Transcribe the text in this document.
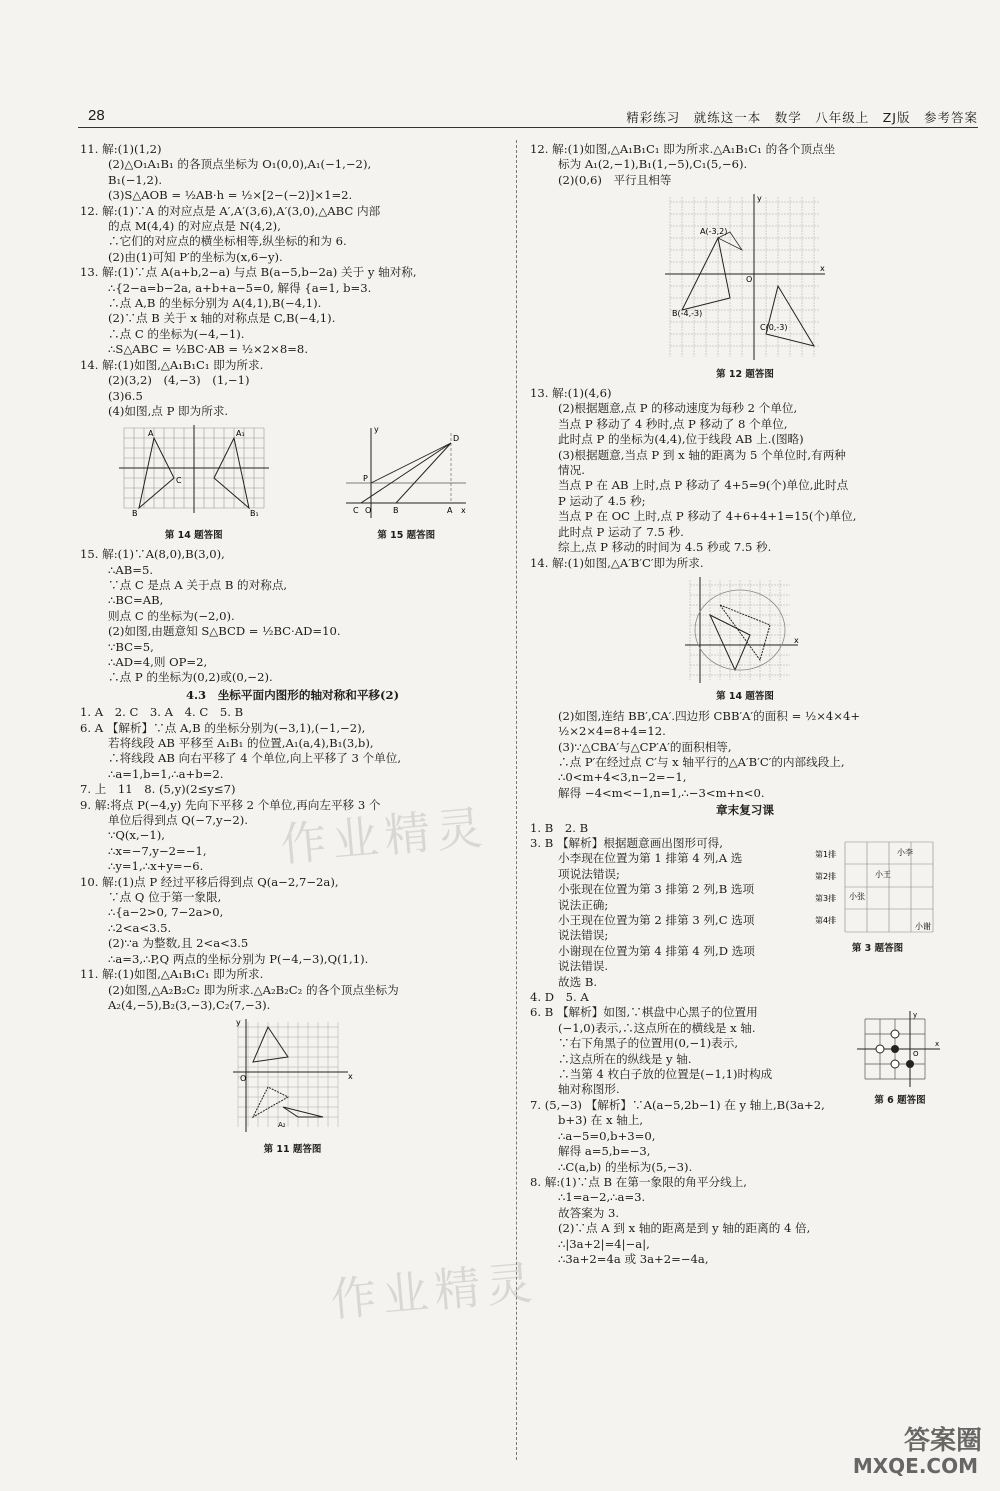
28	精彩练习　就练这一本　数学　八年级上　ZJ版　参考答案
11. 解:(1)(1,2)
(2)△O₁A₁B₁ 的各顶点坐标为 O₁(0,0),A₁(−1,−2),
B₁(−1,2).
(3)S△AOB = ½AB·h = ½×[2−(−2)]×1=2.
12. 解:(1)∵A 的对应点是 A′,A′(3,6),A′(3,0),△ABC 内部
的点 M(4,4) 的对应点是 N(4,2),
∴它们的对应点的横坐标相等,纵坐标的和为 6.
(2)由(1)可知 P′的坐标为(x,6−y).
13. 解:(1)∵点 A(a+b,2−a) 与点 B(a−5,b−2a) 关于 y 轴对称,
∴{2−a=b−2a, a+b+a−5=0, 解得 {a=1, b=3.
∴点 A,B 的坐标分别为 A(4,1),B(−4,1).
(2)∵点 B 关于 x 轴的对称点是 C,B(−4,1).
∴点 C 的坐标为(−4,−1).
∴S△ABC = ½BC·AB = ½×2×8=8.
14. 解:(1)如图,△A₁B₁C₁ 即为所求.
(2)(3,2)　(4,−3)　(1,−1)
(3)6.5
(4)如图,点 P 即为所求.
A
B
C
A₁
B₁
第 14 题答图
D
P
C O	B	A x
y
第 15 题答图
15. 解:(1)∵A(8,0),B(3,0),
∴AB=5.
∵点 C 是点 A 关于点 B 的对称点,
∴BC=AB,
则点 C 的坐标为(−2,0).
(2)如图,由题意知 S△BCD = ½BC·AD=10.
∵BC=5,
∴AD=4,则 OP=2,
∴点 P 的坐标为(0,2)或(0,−2).
4.3　坐标平面内图形的轴对称和平移(2)
1. A　2. C　3. A　4. C　5. B
6. A 【解析】∵点 A,B 的坐标分别为(−3,1),(−1,−2),
若将线段 AB 平移至 A₁B₁ 的位置,A₁(a,4),B₁(3,b),
∴将线段 AB 向右平移了 4 个单位,向上平移了 3 个单位,
∴a=1,b=1,∴a+b=2.
7. 上　11　8. (5,y)(2≤y≤7)
9. 解:将点 P(−4,y) 先向下平移 2 个单位,再向左平移 3 个
单位后得到点 Q(−7,y−2).
∵Q(x,−1),
∴x=−7,y−2=−1,
∴y=1,∴x+y=−6.
10. 解:(1)点 P 经过平移后得到点 Q(a−2,7−2a),
∵点 Q 位于第一象限,
∴{a−2>0, 7−2a>0,
∴2<a<3.5.
(2)∵a 为整数,且 2<a<3.5
∴a=3,∴P,Q 两点的坐标分别为 P(−4,−3),Q(1,1).
11. 解:(1)如图,△A₁B₁C₁ 即为所求.
(2)如图,△A₂B₂C₂ 即为所求.△A₂B₂C₂ 的各个顶点坐标为
A₂(4,−5),B₂(3,−3),C₂(7,−3).
x
y
O
A₂
第 11 题答图
12. 解:(1)如图,△A₁B₁C₁ 即为所求.△A₁B₁C₁ 的各个顶点坐
标为 A₁(2,−1),B₁(1,−5),C₁(5,−6).
(2)(0,6)　平行且相等
A(-3,2)
B(-4,-3)
C(0,-3)
O
x
y
第 12 题答图
13. 解:(1)(4,6)
(2)根据题意,点 P 的移动速度为每秒 2 个单位,
当点 P 移动了 4 秒时,点 P 移动了 8 个单位,
此时点 P 的坐标为(4,4),位于线段 AB 上.(图略)
(3)根据题意,当点 P 到 x 轴的距离为 5 个单位时,有两种
情况.
当点 P 在 AB 上时,点 P 移动了 4+5=9(个)单位,此时点
P 运动了 4.5 秒;
当点 P 在 OC 上时,点 P 移动了 4+6+4+1=15(个)单位,
此时点 P 运动了 7.5 秒.
综上,点 P 移动的时间为 4.5 秒或 7.5 秒.
14. 解:(1)如图,△A′B′C′即为所求.
x
第 14 题答图
(2)如图,连结 BB′,CA′.四边形 CBB′A′的面积 = ½×4×4+
½×2×4=8+4=12.
(3)∵△CBA′与△CP′A′的面积相等,
∴点 P′在经过点 C′与 x 轴平行的△A′B′C′的内部线段上,
∴0<m+4<3,n−2=−1,
解得 −4<m<−1,n=1,∴−3<m+n<0.
章末复习课
1. B　2. B
3. B 【解析】根据题意画出图形可得,
小李现在位置为第 1 排第 4 列,A 选
项说法错误;
小张现在位置为第 3 排第 2 列,B 选项
说法正确;
小王现在位置为第 2 排第 3 列,C 选项
说法错误;
小谢现在位置为第 4 排第 4 列,D 选项
说法错误.
故选 B.
4. D　5. A
6. B 【解析】如图,∵棋盘中心黑子的位置用
(−1,0)表示,∴这点所在的横线是 x 轴.
∵右下角黑子的位置用(0,−1)表示,
∴这点所在的纵线是 y 轴.
∴当第 4 枚白子放的位置是(−1,1)时构成
轴对称图形.
7. (5,−3) 【解析】∵A(a−5,2b−1) 在 y 轴上,B(3a+2,
b+3) 在 x 轴上,
∴a−5=0,b+3=0,
解得 a=5,b=−3,
∴C(a,b) 的坐标为(5,−3).
8. 解:(1)∵点 B 在第一象限的角平分线上,
∴1=a−2,∴a=3.
故答案为 3.
(2)∵点 A 到 x 轴的距离是到 y 轴的距离的 4 倍,
∴|3a+2|=4|−a|,
∴3a+2=4a 或 3a+2=−4a,
第1排
第2排
第3排
第4排
小李
小王
小张
小谢
第 3 题答图
x
y
O
第 6 题答图
作业精灵
作业精灵
答案圈
MXQE.COM
